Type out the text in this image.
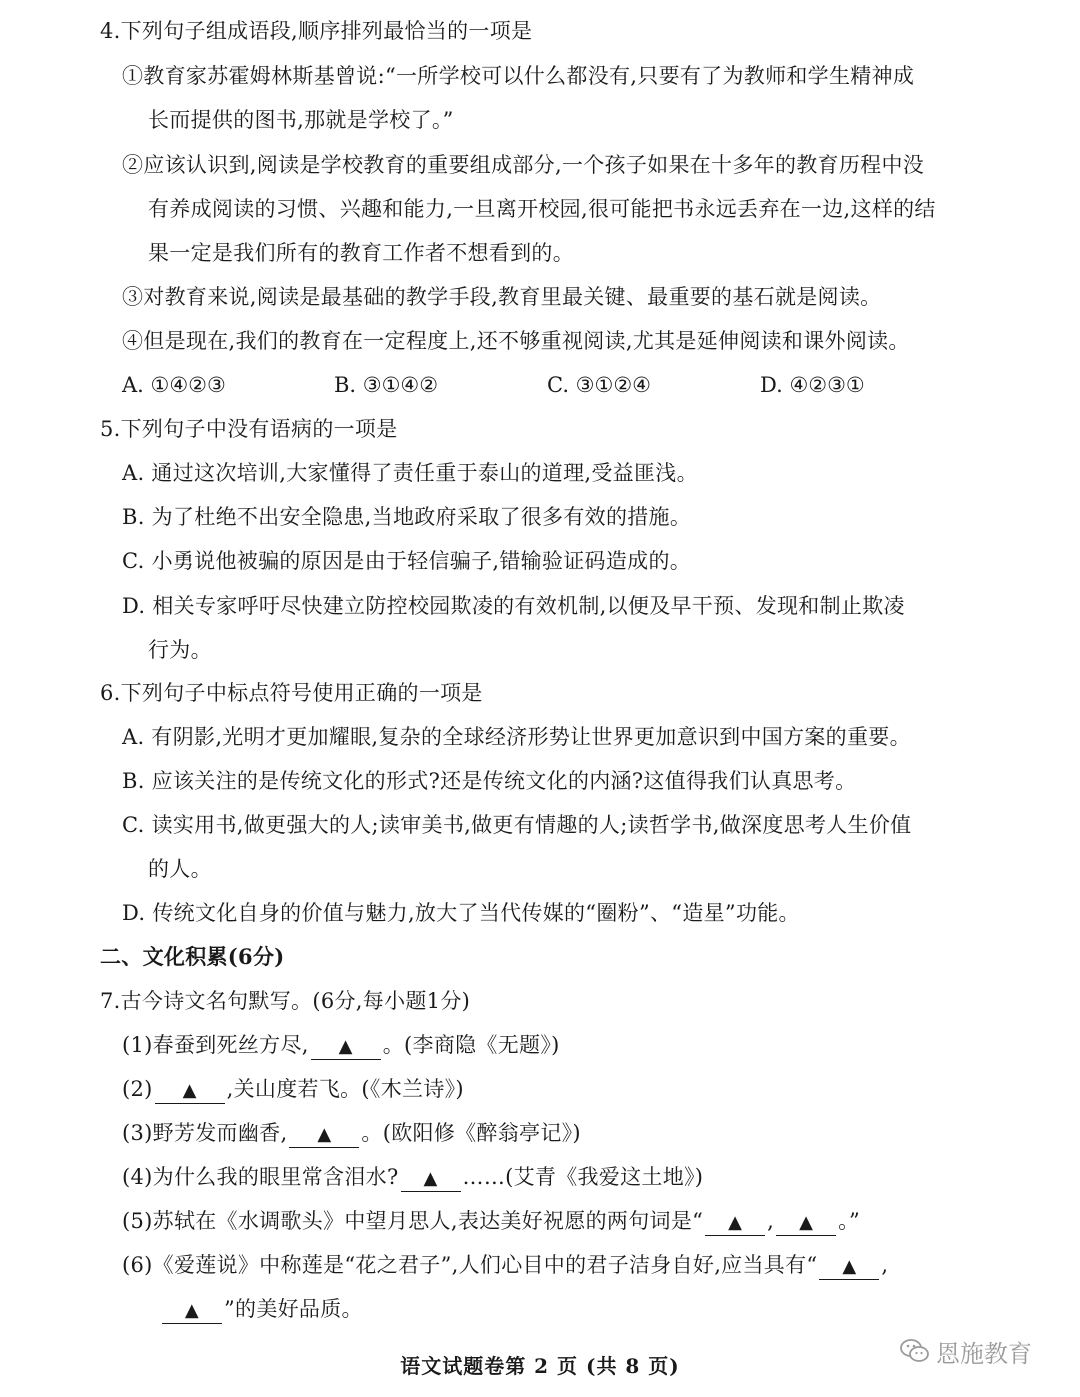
4.下列句子组成语段,顺序排列最恰当的一项是
①教育家苏霍姆林斯基曾说:“一所学校可以什么都没有,只要有了为教师和学生精神成
长而提供的图书,那就是学校了。”
②应该认识到,阅读是学校教育的重要组成部分,一个孩子如果在十多年的教育历程中没
有养成阅读的习惯、兴趣和能力,一旦离开校园,很可能把书永远丢弃在一边,这样的结
果一定是我们所有的教育工作者不想看到的。
③对教育来说,阅读是最基础的教学手段,教育里最关键、最重要的基石就是阅读。
④但是现在,我们的教育在一定程度上,还不够重视阅读,尤其是延伸阅读和课外阅读。
A. ①④②③	B. ③①④②	C. ③①②④	D. ④②③①
5.下列句子中没有语病的一项是
A. 通过这次培训,大家懂得了责任重于泰山的道理,受益匪浅。
B. 为了杜绝不出安全隐患,当地政府采取了很多有效的措施。
C. 小勇说他被骗的原因是由于轻信骗子,错输验证码造成的。
D. 相关专家呼吁尽快建立防控校园欺凌的有效机制,以便及早干预、发现和制止欺凌
行为。
6.下列句子中标点符号使用正确的一项是
A. 有阴影,光明才更加耀眼,复杂的全球经济形势让世界更加意识到中国方案的重要。
B. 应该关注的是传统文化的形式?还是传统文化的内涵?这值得我们认真思考。
C. 读实用书,做更强大的人;读审美书,做更有情趣的人;读哲学书,做深度思考人生价值
的人。
D. 传统文化自身的价值与魅力,放大了当代传媒的“圈粉”、“造星”功能。
二、文化积累(6分)
7.古今诗文名句默写。(6分,每小题1分)
(1)春蚕到死丝方尽, ▲ 。(李商隐《无题》)
(2) ▲ ,关山度若飞。(《木兰诗》)
(3)野芳发而幽香, ▲ 。(欧阳修《醉翁亭记》)
(4)为什么我的眼里常含泪水? ▲ ……(艾青《我爱这土地》)
(5)苏轼在《水调歌头》中望月思人,表达美好祝愿的两句词是“ ▲ , ▲ 。”
(6)《爱莲说》中称莲是“花之君子”,人们心目中的君子洁身自好,应当具有“ ▲ ,
▲ ”的美好品质。
恩施教育
语文试题卷第 2 页 (共 8 页)
